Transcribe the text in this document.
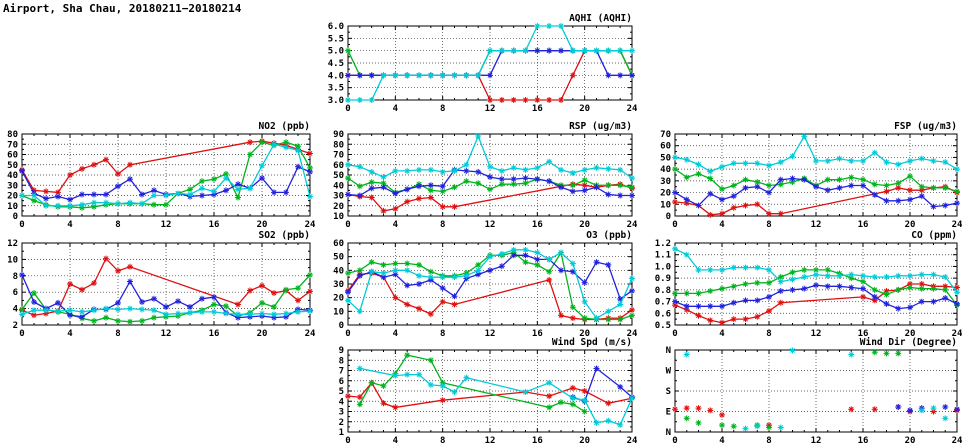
Airport, Sha Chau, 20180211−20180214
3.0
3.5
4.0
4.5
5.0
5.5
6.0
0	4	8	12	16	20	24
AQHI (AQHI)
0
10
20
30
40
50
60
70
80
0	4	8	12	16	20	24
NO2 (ppb)
10
20
30
40
50
60
70
80
90
0	4	8	12	16	20	24
RSP (ug/m3)
0
10
20
30
40
50
60
70
0	4	8	12	16	20	24
FSP (ug/m3)
2
4
6
8
10
12
0	4	8	12	16	20	24
SO2 (ppb)
0
10
20
30
40
50
60
0	4	8	12	16	20	24
O3 (ppb)
0.5
0.6
0.7
0.8
0.9
1.0
1.1
1.2
0	4	8	12	16	20	24
CO (ppm)
1
2
3
4
5
6
7
8
9
0	4	8	12	16	20	24
Wind Spd (m/s)
N
E
S
W
N
0	4	8	12	16	20	24
Wind Dir (Degree)
